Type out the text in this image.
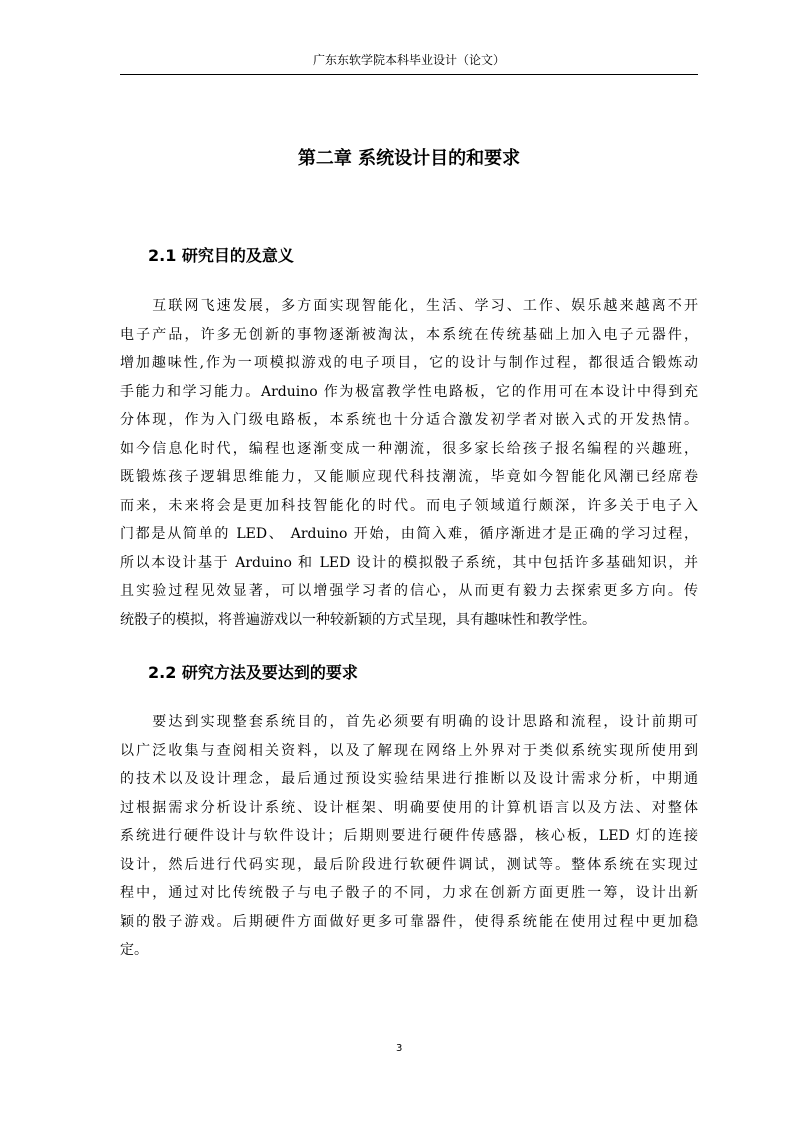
广东东软学院本科毕业设计（论文）
第二章 系统设计目的和要求
2.1 研究目的及意义
　　互联网飞速发展，多方面实现智能化，生活、学习、工作、娱乐越来越离不开
电子产品，许多无创新的事物逐渐被淘汰，本系统在传统基础上加入电子元器件，
增加趣味性,作为一项模拟游戏的电子项目，它的设计与制作过程，都很适合锻炼动
手能力和学习能力。Arduino 作为极富教学性电路板，它的作用可在本设计中得到充
分体现，作为入门级电路板，本系统也十分适合激发初学者对嵌入式的开发热情。
如今信息化时代，编程也逐渐变成一种潮流，很多家长给孩子报名编程的兴趣班，
既锻炼孩子逻辑思维能力，又能顺应现代科技潮流，毕竟如今智能化风潮已经席卷
而来，未来将会是更加科技智能化的时代。而电子领域道行颇深，许多关于电子入
门都是从简单的 LED、 Arduino 开始，由简入难，循序渐进才是正确的学习过程，
所以本设计基于 Arduino 和 LED 设计的模拟骰子系统，其中包括许多基础知识，并
且实验过程见效显著，可以增强学习者的信心，从而更有毅力去探索更多方向。传
统骰子的模拟，将普遍游戏以一种较新颖的方式呈现，具有趣味性和教学性。
2.2 研究方法及要达到的要求
　　要达到实现整套系统目的，首先必须要有明确的设计思路和流程，设计前期可
以广泛收集与查阅相关资料，以及了解现在网络上外界对于类似系统实现所使用到
的技术以及设计理念，最后通过预设实验结果进行推断以及设计需求分析，中期通
过根据需求分析设计系统、设计框架、明确要使用的计算机语言以及方法、对整体
系统进行硬件设计与软件设计；后期则要进行硬件传感器，核心板，LED 灯的连接
设计，然后进行代码实现，最后阶段进行软硬件调试，测试等。整体系统在实现过
程中，通过对比传统骰子与电子骰子的不同，力求在创新方面更胜一筹，设计出新
颖的骰子游戏。后期硬件方面做好更多可靠器件，使得系统能在使用过程中更加稳
定。
3
